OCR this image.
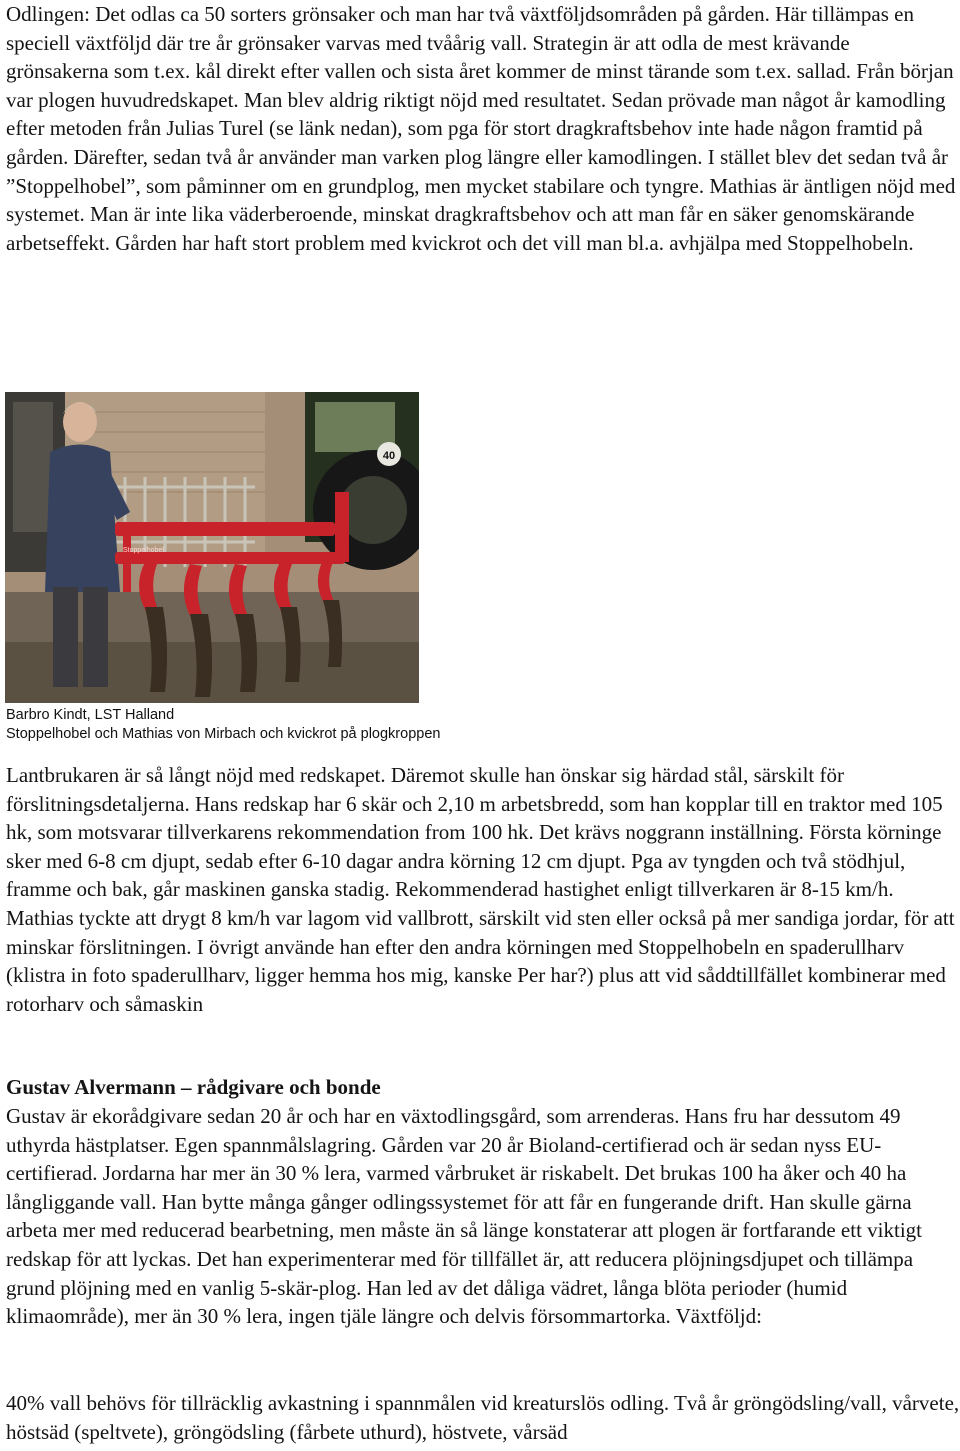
Odlingen: Det odlas ca 50 sorters grönsaker och man har två växtföljdsområden på gården. Här tillämpas en speciell växtföljd där tre år grönsaker varvas med tvåårig vall. Strategin är att odla de mest krävande grönsakerna som t.ex. kål direkt efter vallen och sista året kommer de minst tärande som t.ex. sallad. Från början var plogen huvudredskapet. Man blev aldrig riktigt nöjd med resultatet. Sedan prövade man något år kamodling efter metoden från Julias Turel (se länk nedan), som pga för stort dragkraftsbehov inte hade någon framtid på gården. Därefter, sedan två år använder man varken plog längre eller kamodlingen. I stället blev det sedan två år ”Stoppelhobel”, som påminner om en grundplog, men mycket stabilare och tyngre. Mathias är äntligen nöjd med systemet. Man är inte lika väderberoende, minskat dragkraftsbehov och att man får en säker genomskärande arbetseffekt. Gården har haft stort problem med kvickrot och det vill man bl.a. avhjälpa med Stoppelhobeln.

40
Stoppelhobel
Barbro Kindt, LST Halland
Stoppelhobel och Mathias von Mirbach och kvickrot på plogkroppen

Lantbrukaren är så långt nöjd med redskapet. Däremot skulle han önskar sig härdad stål, särskilt för förslitningsdetaljerna. Hans redskap har 6 skär och 2,10 m arbetsbredd, som han kopplar till en traktor med 105 hk, som motsvarar tillverkarens rekommendation from 100 hk. Det krävs noggrann inställning. Första körninge sker med 6-8 cm djupt, sedab efter 6-10 dagar andra körning 12 cm djupt. Pga av tyngden och två stödhjul, framme och bak, går maskinen ganska stadig. Rekommenderad hastighet enligt tillverkaren är 8-15 km/h. Mathias tyckte att drygt 8 km/h var lagom vid vallbrott, särskilt vid sten eller också på mer sandiga jordar, för att minskar förslitningen. I övrigt använde han efter den andra körningen med Stoppelhobeln en spaderullharv (klistra in foto spaderullharv, ligger hemma hos mig, kanske Per har?) plus att vid såddtillfället kombinerar med rotorharv och såmaskin

Gustav Alvermann – rådgivare och bonde

Gustav är ekorådgivare sedan 20 år och har en växtodlingsgård, som arrenderas. Hans fru har dessutom 49 uthyrda hästplatser. Egen spannmålslagring. Gården var 20 år Bioland-certifierad och är sedan nyss EU-certifierad. Jordarna har mer än 30 % lera, varmed vårbruket är riskabelt. Det brukas 100 ha åker och 40 ha långliggande vall. Han bytte många gånger odlingssystemet för att får en fungerande drift. Han skulle gärna arbeta mer med reducerad bearbetning, men måste än så länge konstaterar att plogen är fortfarande ett viktigt redskap för att lyckas. Det han experimenterar med för tillfället är, att reducera plöjningsdjupet och tillämpa grund plöjning med en vanlig 5-skär-plog. Han led av det dåliga vädret, långa blöta perioder (humid klimaområde), mer än 30 % lera, ingen tjäle längre och delvis försommartorka. Växtföljd:

40% vall behövs för tillräcklig avkastning i spannmålen vid kreaturslös odling. Två år gröngödsling/vall, vårvete, höstsäd (speltvete), gröngödsling (fårbete uthurd), höstvete, vårsäd
